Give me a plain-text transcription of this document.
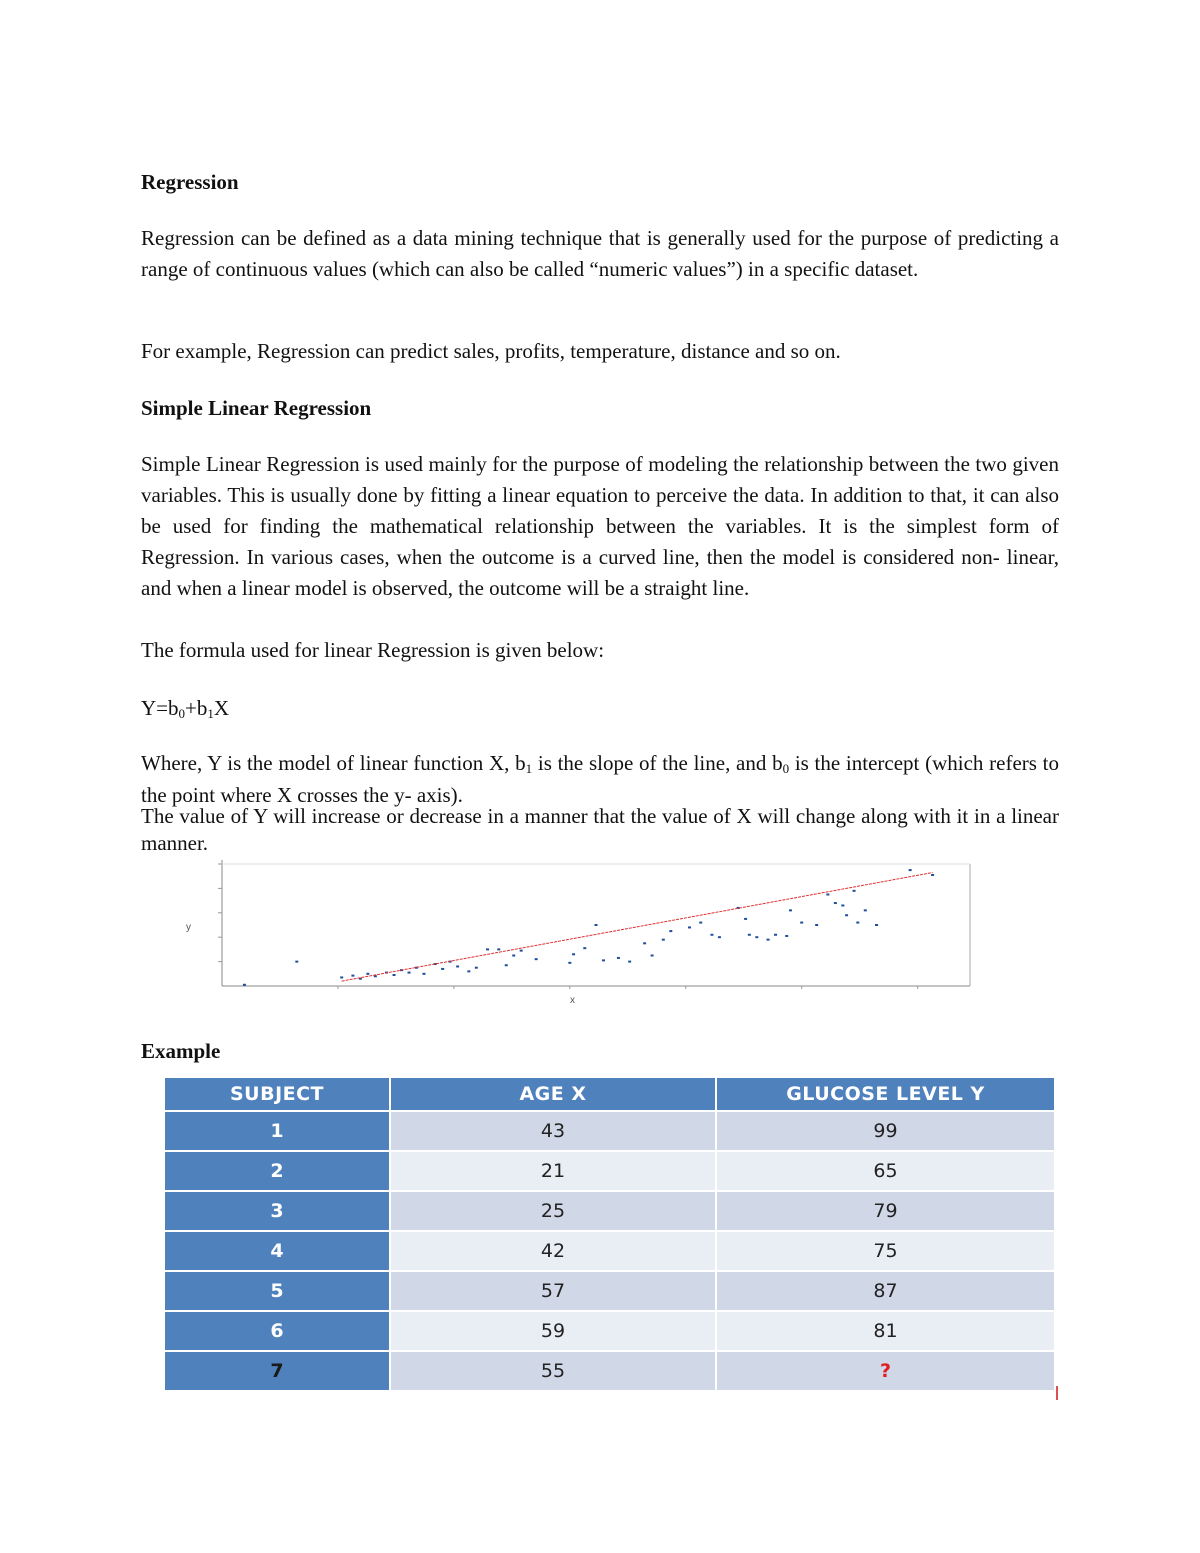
Regression

Regression can be defined as a data mining technique that is generally used for the purpose of predicting a range of continuous values (which can also be called “numeric values”) in a specific dataset.

For example, Regression can predict sales, profits, temperature, distance and so on.

Simple Linear Regression

Simple Linear Regression is used mainly for the purpose of modeling the relationship between the two given variables. This is usually done by fitting a linear equation to perceive the data. In addition to that, it can also be used for finding the mathematical relationship between the variables. It is the simplest form of Regression. In various cases, when the outcome is a curved line, then the model is considered non- linear, and when a linear model is observed, the outcome will be a straight line.

The formula used for linear Regression is given below:

$Y=b_0+b_1X$

Where, Y is the model of linear function X, $b_1$ is the slope of the line, and $b_0$ is the intercept (which refers to the point where X crosses the y- axis).

The value of Y will increase or decrease in a manner that the value of X will change along with it in a linear manner.

Example
x
y
SUBJECT	AGE X	GLUCOSE LEVEL Y
1	43	99
2	21	65
3	25	79
4	42	75
5	57	87
6	59	81
7	55	?
